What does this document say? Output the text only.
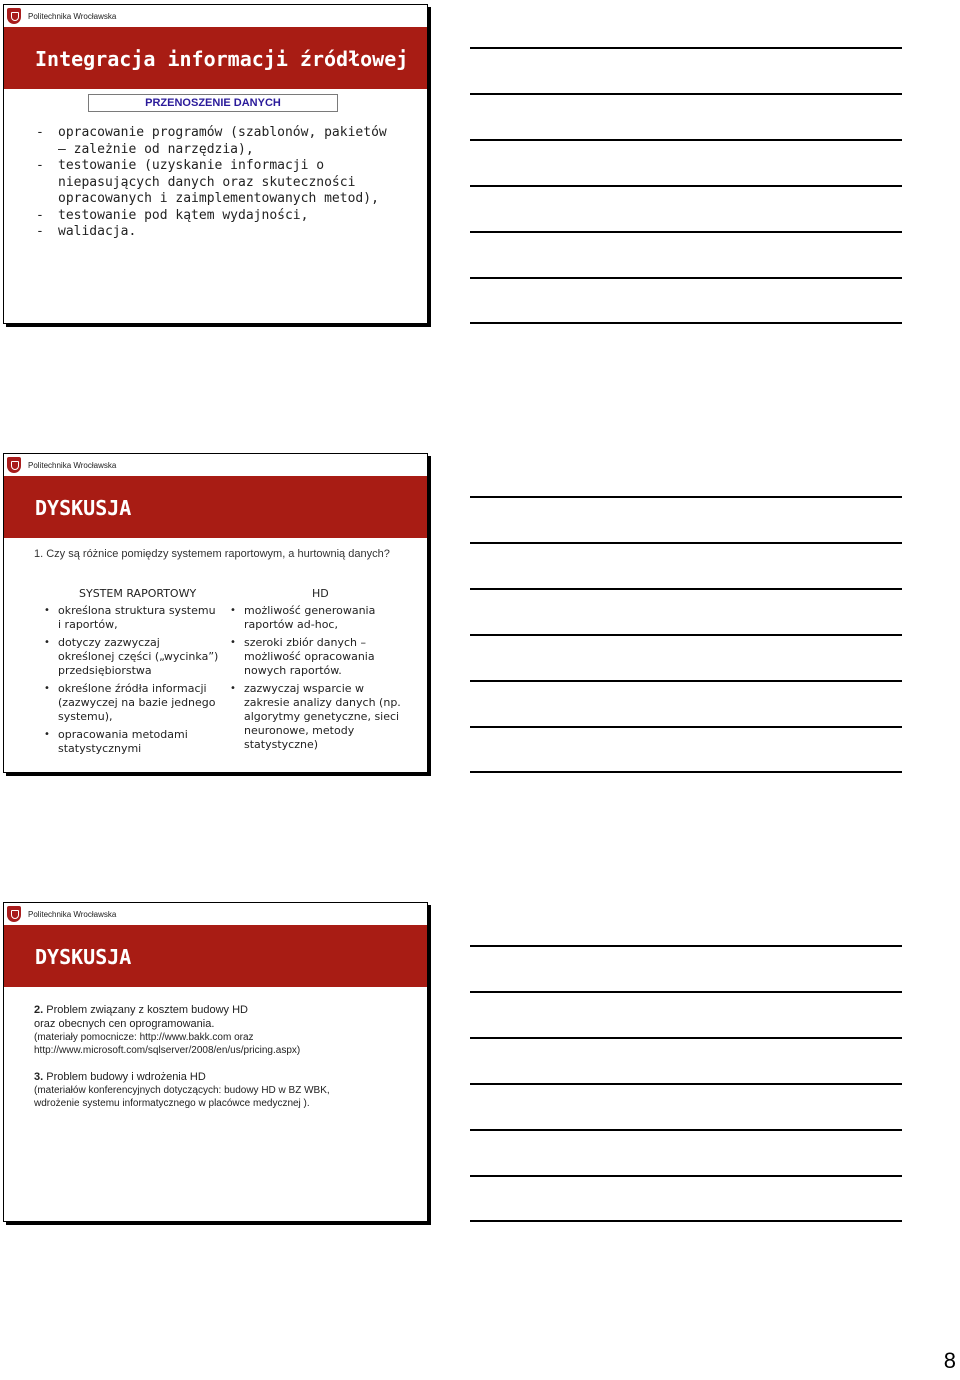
Politechnika Wrocławska
Integracja informacji źródłowej
PRZENOSZENIE DANYCH
- opracowanie programów (szablonów, pakietów – zależnie od narzędzia),
- testowanie (uzyskanie informacji o niepasujących danych oraz skuteczności opracowanych i zaimplementowanych metod),
- testowanie pod kątem wydajności,
- walidacja.
Politechnika Wrocławska
DYSKUSJA
1. Czy są różnice pomiędzy systemem raportowym, a hurtownią danych?
SYSTEM RAPORTOWY
• określona struktura systemu i raportów,
• dotyczy zazwyczaj określonej części („wycinka”) przedsiębiorstwa
• określone źródła informacji (zazwyczej na bazie jednego systemu),
• opracowania metodami statystycznymi
HD
• możliwość generowania raportów ad-hoc,
• szeroki zbiór danych – możliwość opracowania nowych raportów.
• zazwyczaj wsparcie w zakresie analizy danych (np. algorytmy genetyczne, sieci neuronowe, metody statystyczne)
Politechnika Wrocławska
DYSKUSJA
2. Problem związany z kosztem budowy HD
oraz obecnych cen oprogramowania.
(materiały pomocnicze: http://www.bakk.com oraz
http://www.microsoft.com/sqlserver/2008/en/us/pricing.aspx)
3. Problem budowy i wdrożenia HD
(materiałów konferencyjnych dotyczących: budowy HD w BZ WBK,
wdrożenie systemu informatycznego w placówce medycznej ).
8
